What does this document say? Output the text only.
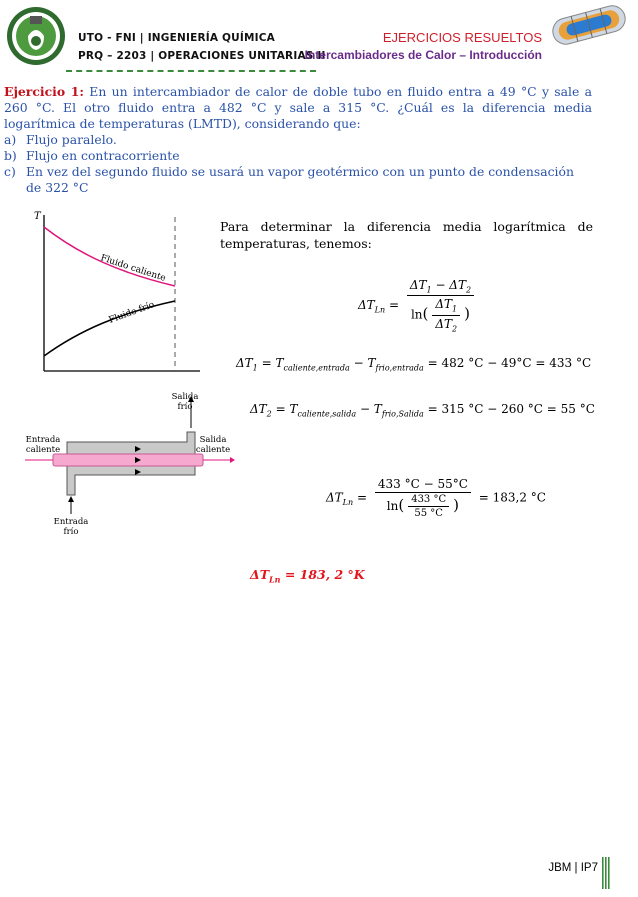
UTO - FNI | INGENIERÍA QUÍMICA
PRQ – 2203 | OPERACIONES UNITARIAS II
EJERCICIOS RESUELTOS
Intercambiadores de Calor – Introducción

Ejercicio 1: En un intercambiador de calor de doble tubo en fluido entra a 49 °C y sale a 260 °C. El otro fluido entra a 482 °C y sale a 315 °C. ¿Cuál es la diferencia media logarítmica de temperaturas (LMTD), considerando que:

a) Flujo paralelo.
b) Flujo en contracorriente
c) En vez del segundo fluido se usará un vapor geotérmico con un punto de condensación de 322 °C
T
Fluido caliente
Fluido frío
Entrada
caliente
Salida
caliente
Salida
frío
Entrada
frío
Para determinar la diferencia media logarítmica de temperaturas, tenemos:
$\Delta T_{Ln} = \frac{\Delta T_1 - \Delta T_2}{\ln( \frac{\Delta T_1}{\Delta T_2} )}$
$\Delta T_1 = T_{caliente,entrada} - T_{frio,entrada} = 482$ °C − 49°C = 433 °C
$\Delta T_2 = T_{caliente,salida} - T_{frio,Salida} = 315$ °C − 260 °C = 55 °C
$\Delta T_{Ln} = \frac{433 ^\circ C - 55^\circ C}{\ln( \frac{433 ^\circ C}{55 ^\circ C} )} = 183,2$ °C
$\Delta T_{Ln} = 183$, 2 °K
JBM | IP7
